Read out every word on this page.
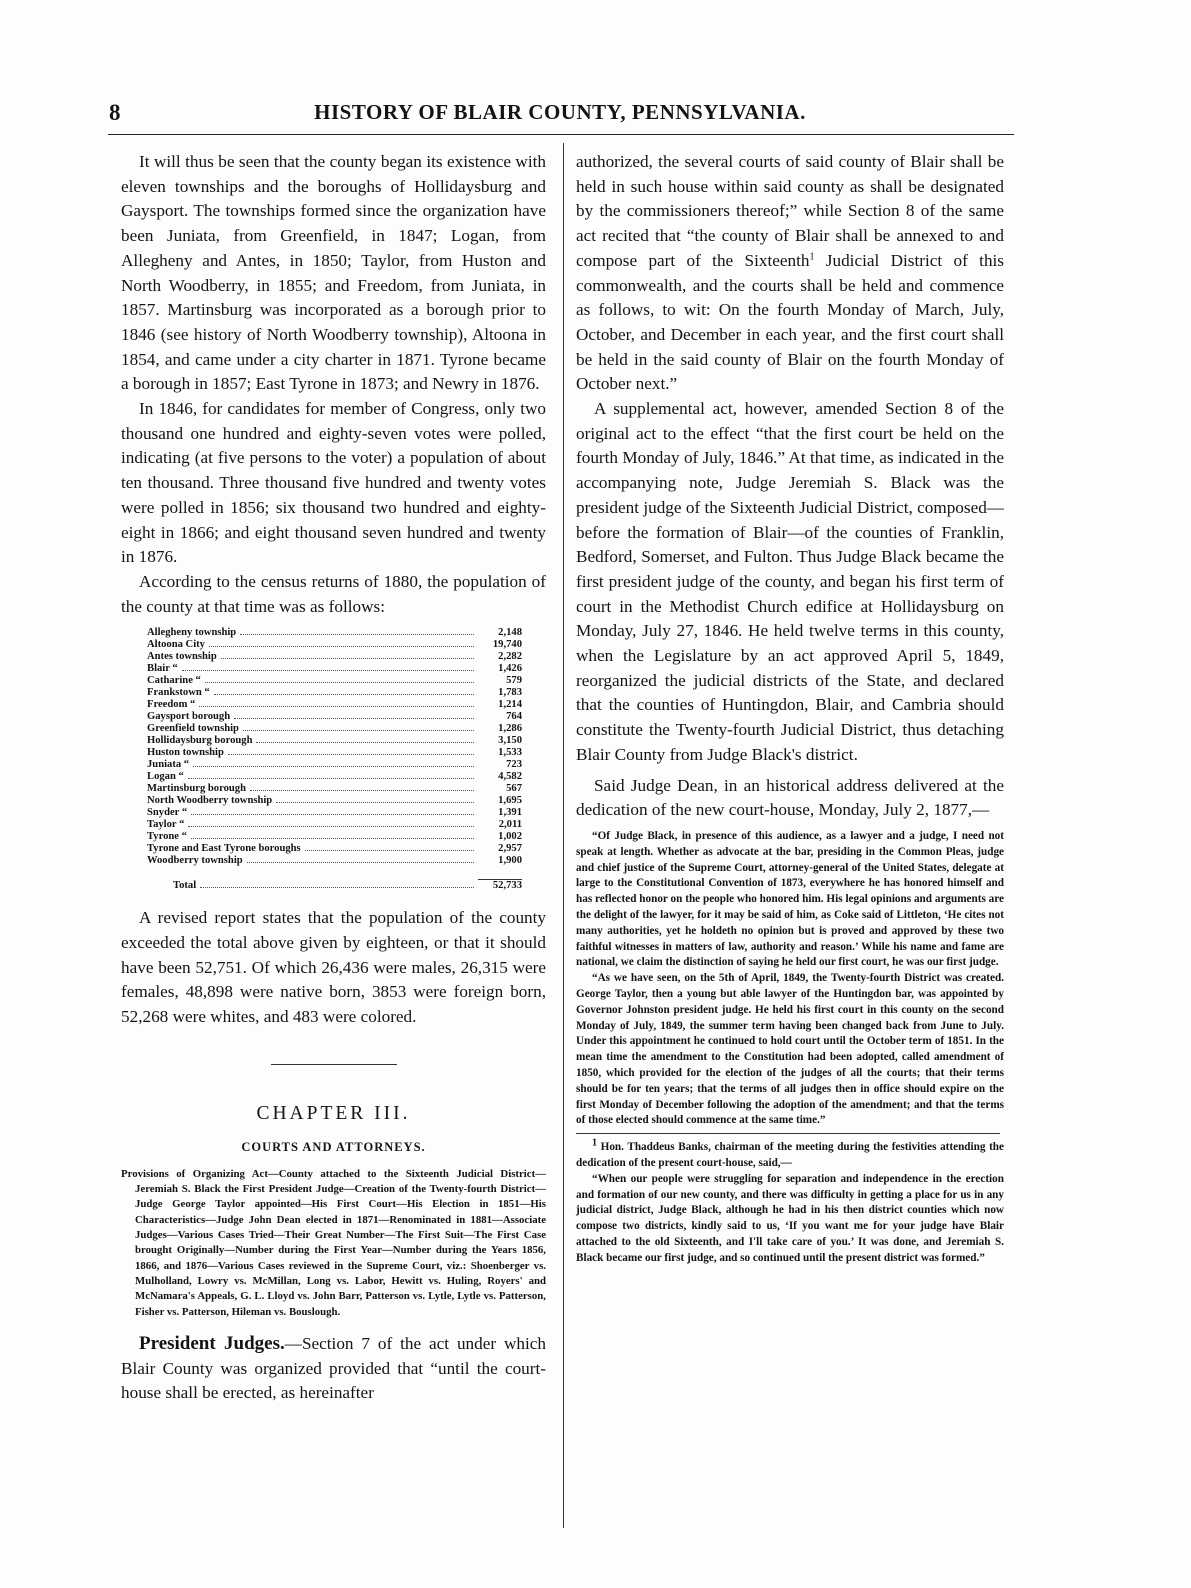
8	HISTORY OF BLAIR COUNTY, PENNSYLVANIA.

It will thus be seen that the county began its existence with eleven townships and the boroughs of Hollidaysburg and Gaysport. The townships formed since the organization have been Juniata, from Greenfield, in 1847; Logan, from Allegheny and Antes, in 1850; Taylor, from Huston and North Woodberry, in 1855; and Freedom, from Juniata, in 1857. Martinsburg was incorporated as a borough prior to 1846 (see history of North Woodberry township), Altoona in 1854, and came under a city charter in 1871. Tyrone became a borough in 1857; East Tyrone in 1873; and Newry in 1876.

In 1846, for candidates for member of Congress, only two thousand one hundred and eighty-seven votes were polled, indicating (at five persons to the voter) a population of about ten thousand. Three thousand five hundred and twenty votes were polled in 1856; six thousand two hundred and eighty-eight in 1866; and eight thousand seven hundred and twenty in 1876.

According to the census returns of 1880, the population of the county at that time was as follows:

Allegheny township	2,148
Altoona City	19,740
Antes township	2,282
Blair “	1,426
Catharine “	579
Frankstown “	1,783
Freedom “	1,214
Gaysport borough	764
Greenfield township	1,286
Hollidaysburg borough	3,150
Huston township	1,533
Juniata “	723
Logan “	4,582
Martinsburg borough	567
North Woodberry township	1,695
Snyder “	1,391
Taylor “	2,011
Tyrone “	1,002
Tyrone and East Tyrone boroughs	2,957
Woodberry township	1,900
Total	52,733

A revised report states that the population of the county exceeded the total above given by eighteen, or that it should have been 52,751. Of which 26,436 were males, 26,315 were females, 48,898 were native born, 3853 were foreign born, 52,268 were whites, and 483 were colored.

CHAPTER III.
COURTS AND ATTORNEYS.

Provisions of Organizing Act—County attached to the Sixteenth Judicial District—Jeremiah S. Black the First President Judge—Creation of the Twenty-fourth District—Judge George Taylor appointed—His First Court—His Election in 1851—His Characteristics—Judge John Dean elected in 1871—Renominated in 1881—Associate Judges—Various Cases Tried—Their Great Number—The First Suit—The First Case brought Originally—Number during the First Year—Number during the Years 1856, 1866, and 1876—Various Cases reviewed in the Supreme Court, viz.: Shoenberger vs. Mulholland, Lowry vs. McMillan, Long vs. Labor, Hewitt vs. Huling, Royers' and McNamara's Appeals, G. L. Lloyd vs. John Barr, Patterson vs. Lytle, Lytle vs. Patterson, Fisher vs. Patterson, Hileman vs. Bouslough.

President Judges.—Section 7 of the act under which Blair County was organized provided that “until the court-house shall be erected, as hereinafter

authorized, the several courts of said county of Blair shall be held in such house within said county as shall be designated by the commissioners thereof;” while Section 8 of the same act recited that “the county of Blair shall be annexed to and compose part of the Sixteenth$^1$ Judicial District of this commonwealth, and the courts shall be held and commence as follows, to wit: On the fourth Monday of March, July, October, and December in each year, and the first court shall be held in the said county of Blair on the fourth Monday of October next.”

A supplemental act, however, amended Section 8 of the original act to the effect “that the first court be held on the fourth Monday of July, 1846.” At that time, as indicated in the accompanying note, Judge Jeremiah S. Black was the president judge of the Sixteenth Judicial District, composed—before the formation of Blair—of the counties of Franklin, Bedford, Somerset, and Fulton. Thus Judge Black became the first president judge of the county, and began his first term of court in the Methodist Church edifice at Hollidaysburg on Monday, July 27, 1846. He held twelve terms in this county, when the Legislature by an act approved April 5, 1849, reorganized the judicial districts of the State, and declared that the counties of Huntingdon, Blair, and Cambria should constitute the Twenty-fourth Judicial District, thus detaching Blair County from Judge Black's district.

Said Judge Dean, in an historical address delivered at the dedication of the new court-house, Monday, July 2, 1877,—

“Of Judge Black, in presence of this audience, as a lawyer and a judge, I need not speak at length. Whether as advocate at the bar, presiding in the Common Pleas, judge and chief justice of the Supreme Court, attorney-general of the United States, delegate at large to the Constitutional Convention of 1873, everywhere he has honored himself and has reflected honor on the people who honored him. His legal opinions and arguments are the delight of the lawyer, for it may be said of him, as Coke said of Littleton, ‘He cites not many authorities, yet he holdeth no opinion but is proved and approved by these two faithful witnesses in matters of law, authority and reason.’ While his name and fame are national, we claim the distinction of saying he held our first court, he was our first judge.

“As we have seen, on the 5th of April, 1849, the Twenty-fourth District was created. George Taylor, then a young but able lawyer of the Huntingdon bar, was appointed by Governor Johnston president judge. He held his first court in this county on the second Monday of July, 1849, the summer term having been changed back from June to July. Under this appointment he continued to hold court until the October term of 1851. In the mean time the amendment to the Constitution had been adopted, called amendment of 1850, which provided for the election of the judges of all the courts; that their terms should be for ten years; that the terms of all judges then in office should expire on the first Monday of December following the adoption of the amendment; and that the terms of those elected should commence at the same time.”

$^1$ Hon. Thaddeus Banks, chairman of the meeting during the festivities attending the dedication of the present court-house, said,—

“When our people were struggling for separation and independence in the erection and formation of our new county, and there was difficulty in getting a place for us in any judicial district, Judge Black, although he had in his then district counties which now compose two districts, kindly said to us, ‘If you want me for your judge have Blair attached to the old Sixteenth, and I'll take care of you.’ It was done, and Jeremiah S. Black became our first judge, and so continued until the present district was formed.”
